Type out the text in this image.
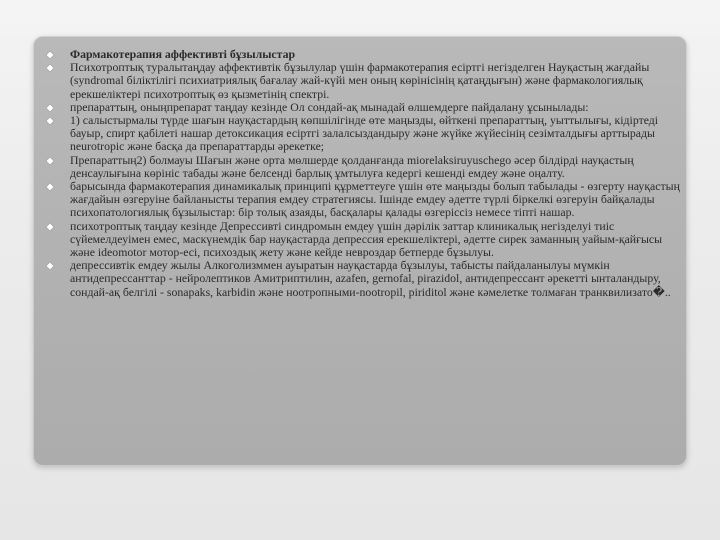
Фармакотерапия аффективті бұзылыстар
Психотроптық туралытаңдау аффективтік бұзылулар үшін фармакотерапия есіртгі негізделген Науқастың жағдайы (syndromal біліктілігі психиатриялық бағалау жай-күйі мен оның көрінісінің қатаңдығын) және фармакологиялық ерекшеліктері психотроптық өз қызметінің спектрі.
препараттың, оныңпрепарат таңдау кезінде Ол сондай-ақ мынадай өлшемдерге пайдалану ұсынылады:
1) салыстырмалы түрде шағын науқастардың көпшілігінде өте маңызды, өйткені препараттың, уыттылығы, кідіртеді бауыр, спирт қабілеті нашар детоксикация есіртгі залалсыздандыру және жүйке жүйесінің сезімталдығы арттырады neurotropic және басқа да препараттарды әрекетке;
Препараттың2) болмауы Шағын және орта мөлшерде қолданғанда miorelaksiruyuschego әсер білдірді науқастың денсаулығына көрініс табады және белсенді барлық ұмтылуға кедергі кешенді емдеу және оңалту.
барысында фармакотерапия динамикалық принципі құрметтеуге үшін өте маңызды болып табылады - өзгерту науқастың жағдайын өзгеруіне байланысты терапия емдеу стратегиясы. Ішінде емдеу әдетте түрлі біркелкі өзгеруін байқалады психопатологиялық бұзылыстар: бір толық азаяды, басқалары қалады өзгеріссіз немесе тіпті нашар.
психотроптық таңдау кезінде Депрессивті синдромын емдеу үшін дәрілік заттар клиникалық негізделуі тиіс сүйемелдеуімен емес, маскүнемдік бар науқастарда депрессия ерекшеліктері, әдетте сирек заманның уайым-қайғысы және ideomotor мотор-есі, психоздық жету және кейде невроздар бетперде бұзылуы.
депрессивтік емдеу жылы Алкоголизммен ауыратын науқастарда бұзылуы, табысты пайдаланылуы мүмкін антидепрессанттар - нейролептиков Амитриптилин, azafen, gernofal, pirazidol, антидепрессант әрекетті ынталандыру, сондай-ақ белгілі - sonapaks, karbidin және ноотропными-nootropil, piriditol және кәмелетке толмаған транквилизато�..
